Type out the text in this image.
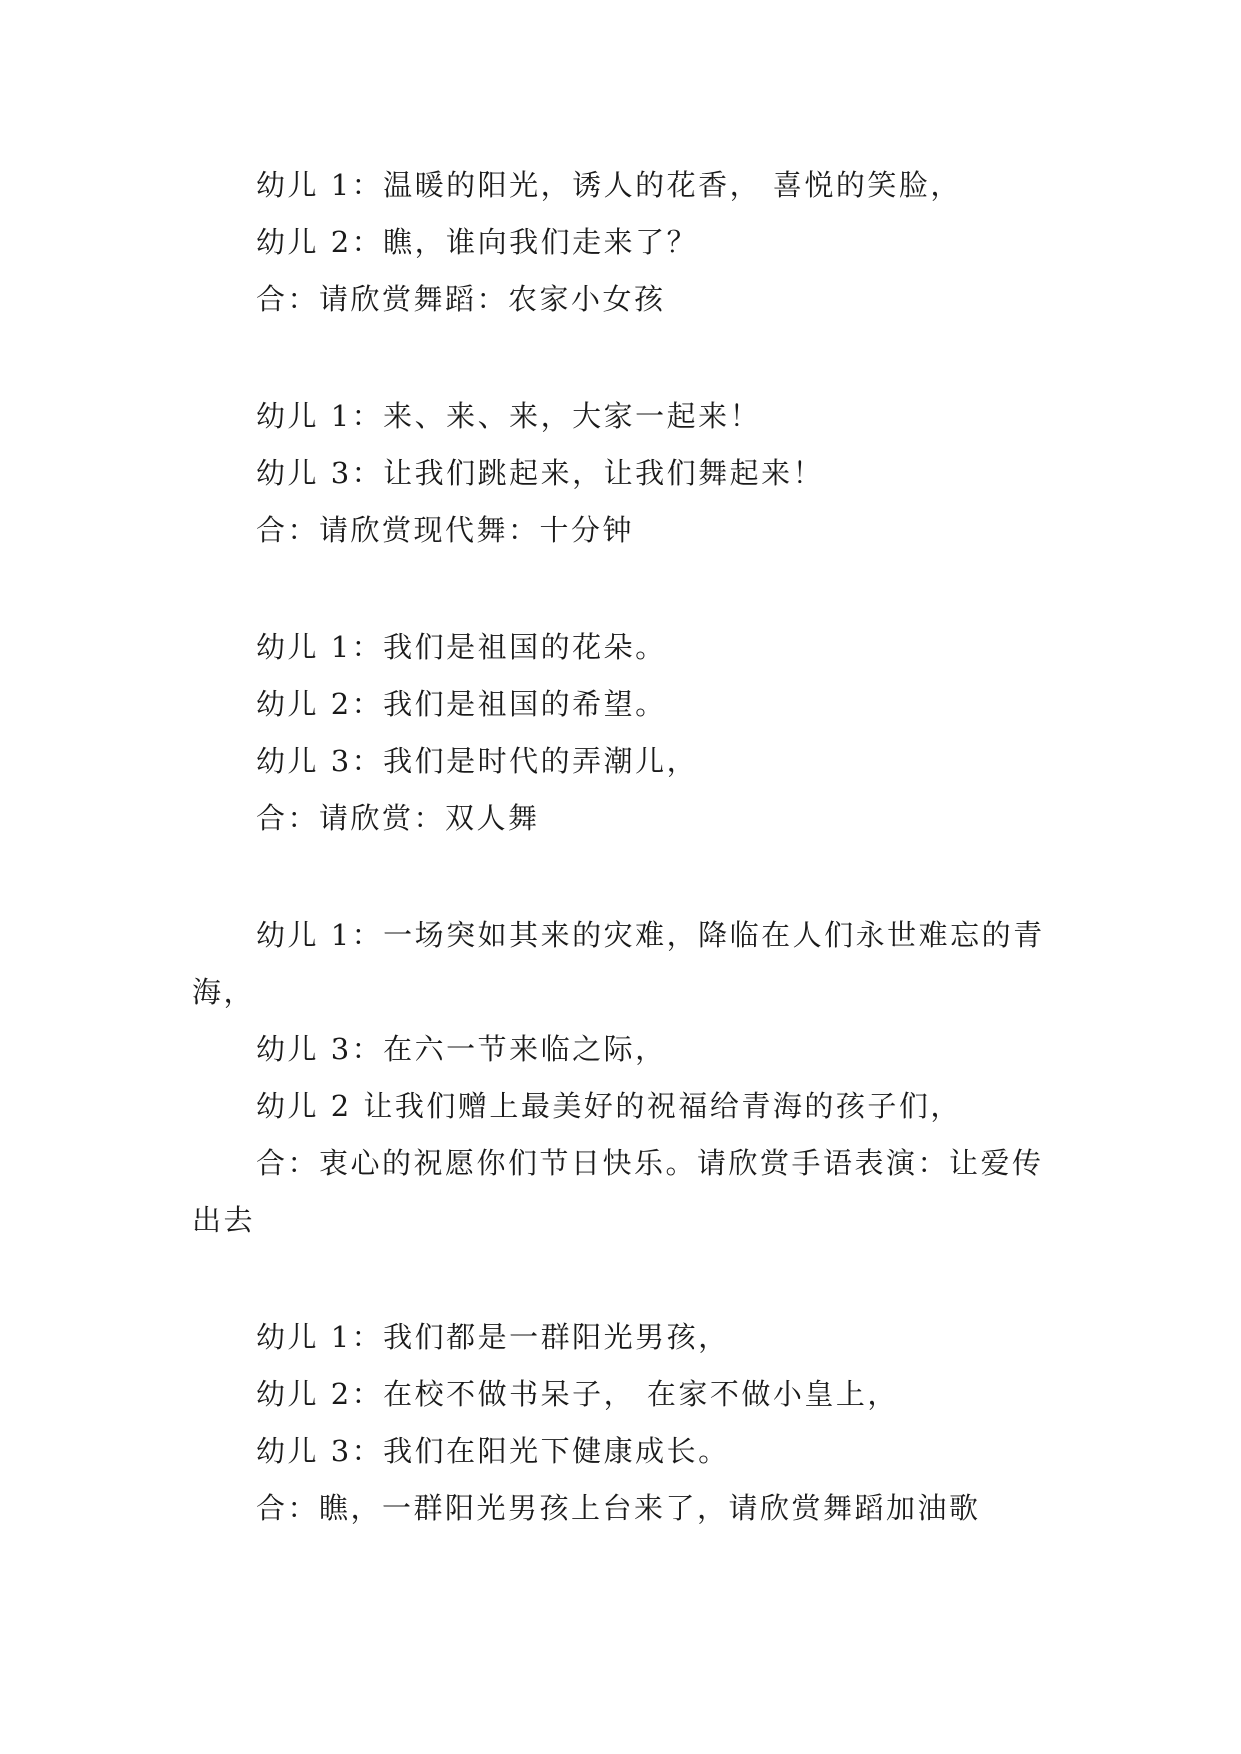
幼儿 1：温暖的阳光，诱人的花香， 喜悦的笑脸，
幼儿 2：瞧，谁向我们走来了？
合：请欣赏舞蹈：农家小女孩
幼儿 1：来、来、来，大家一起来！
幼儿 3：让我们跳起来，让我们舞起来！
合：请欣赏现代舞：十分钟
幼儿 1：我们是祖国的花朵。
幼儿 2：我们是祖国的希望。
幼儿 3：我们是时代的弄潮儿，
合：请欣赏：双人舞
幼儿 1：一场突如其来的灾难，降临在人们永世难忘的青海，
幼儿 3：在六一节来临之际，
幼儿 2 让我们赠上最美好的祝福给青海的孩子们，
合：衷心的祝愿你们节日快乐。请欣赏手语表演：让爱传出去
幼儿 1：我们都是一群阳光男孩，
幼儿 2：在校不做书呆子， 在家不做小皇上，
幼儿 3：我们在阳光下健康成长。
合：瞧，一群阳光男孩上台来了，请欣赏舞蹈加油歌
